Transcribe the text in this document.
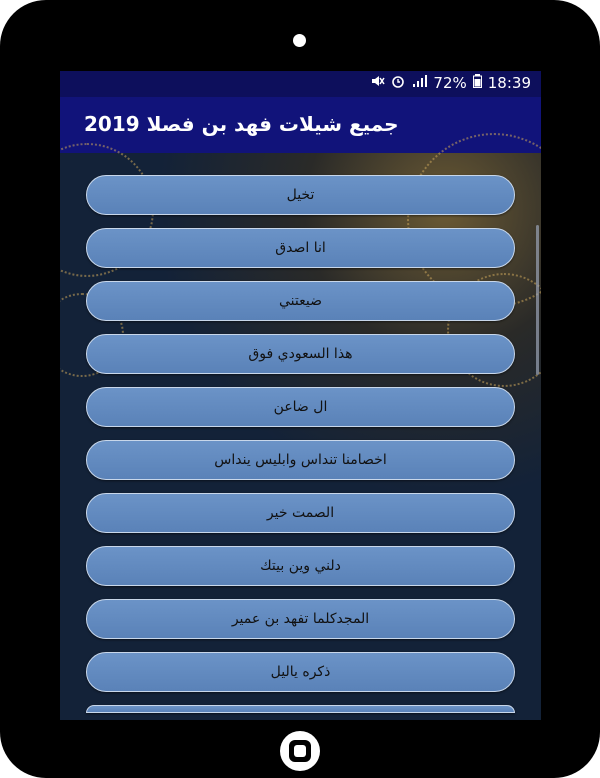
72% 18:39
جميع شيلات فهد بن فصلا 2019
تخيل
انا اصدق
ضيعتني
هذا السعودي فوق
ال ضاعن
اخصامنا تنداس وابليس ينداس
الصمت خير
دلني وين بيتك
المجدكلما تفهد بن عمير
ذكره ياليل
